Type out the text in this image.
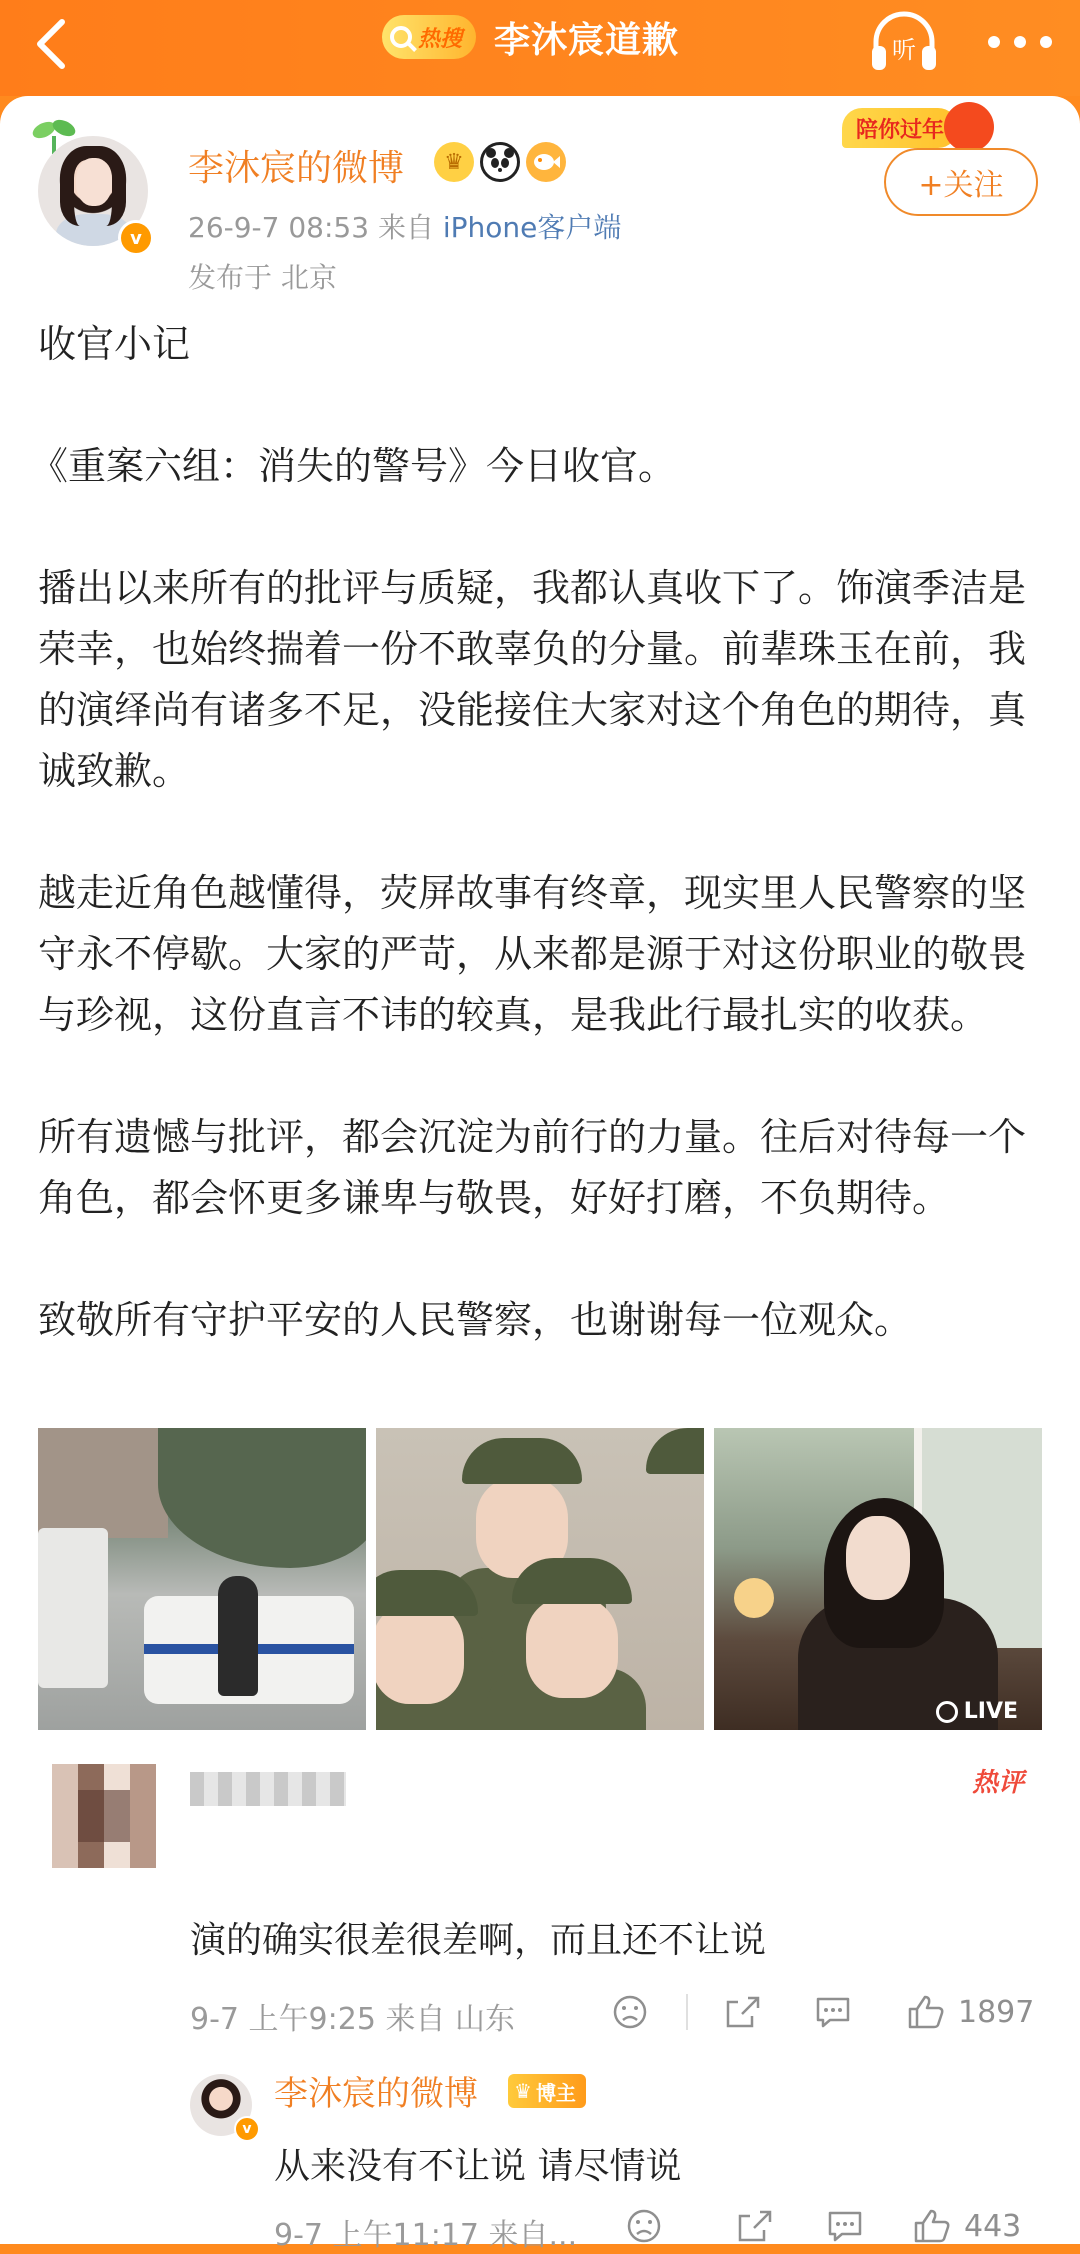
热搜 李沐宸道歉	听
v
李沐宸的微博	♛
26-9-7 08:53 来自 iPhone客户端
发布于 北京
陪你过年
+关注

收官小记

《重案六组：消失的警号》今日收官。

播出以来所有的批评与质疑，我都认真收下了。饰演季洁是荣幸，也始终揣着一份不敢辜负的分量。前辈珠玉在前，我的演绎尚有诸多不足，没能接住大家对这个角色的期待，真诚致歉。

越走近角色越懂得，荧屏故事有终章，现实里人民警察的坚守永不停歇。大家的严苛，从来都是源于对这份职业的敬畏与珍视，这份直言不讳的较真，是我此行最扎实的收获。

所有遗憾与批评，都会沉淀为前行的力量。往后对待每一个角色，都会怀更多谦卑与敬畏，好好打磨，不负期待。

致敬所有守护平安的人民警察，也谢谢每一位观众。

LIVE
热评
演的确实很差很差啊，而且还不让说
9-7 上午9:25 来自 山东	1897
v
李沐宸的微博 ♛ 博主
从来没有不让说 请尽情说
9-7 上午11:17 来自...	443
